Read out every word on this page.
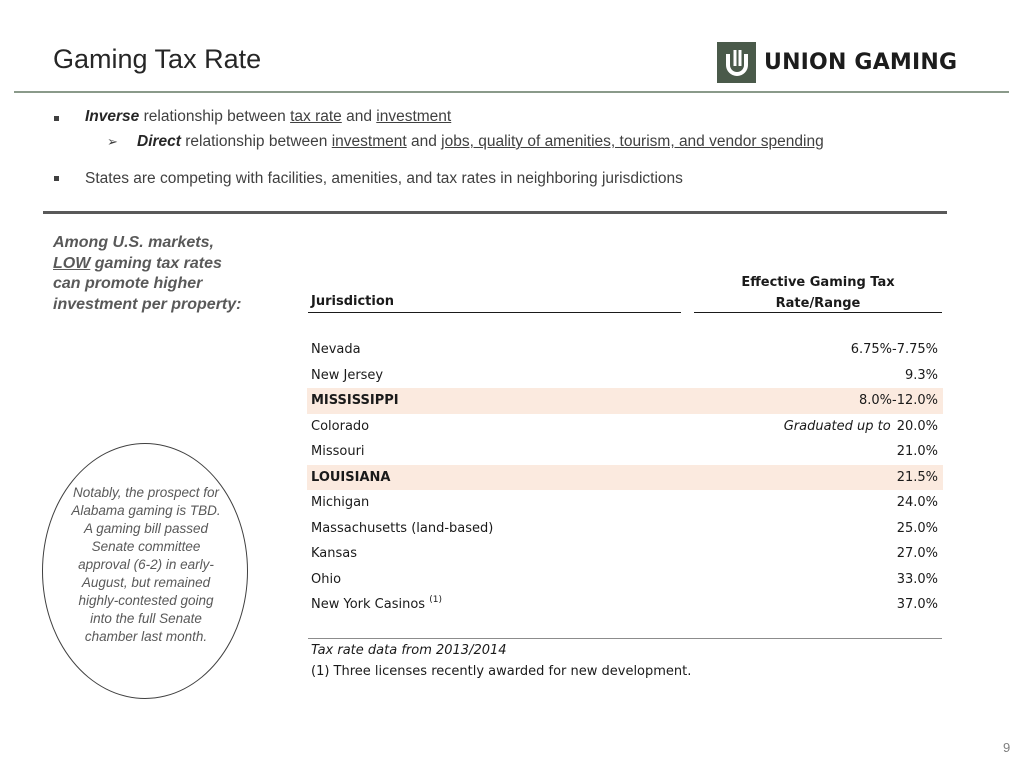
Gaming Tax Rate	UNION GAMING
Inverse relationship between tax rate and investment
➢ Direct relationship between investment and jobs, quality of amenities, tourism, and vendor spending
States are competing with facilities, amenities, and tax rates in neighboring jurisdictions
Among U.S. markets,
LOW gaming tax rates
can promote higher
investment per property:
Notably, the prospect for Alabama gaming is TBD. A gaming bill passed Senate committee approval (6-2) in early-August, but remained highly-contested going into the full Senate chamber last month.
Jurisdiction
Effective Gaming Tax
Rate/Range
Nevada	6.75%-7.75%
New Jersey	9.3%
MISSISSIPPI	8.0%-12.0%
Colorado	Graduated up to 20.0%
Missouri	21.0%
LOUISIANA	21.5%
Michigan	24.0%
Massachusetts (land-based)	25.0%
Kansas	27.0%
Ohio	33.0%
New York Casinos $^{(1)}$	37.0%
Tax rate data from 2013/2014
(1) Three licenses recently awarded for new development.
9
